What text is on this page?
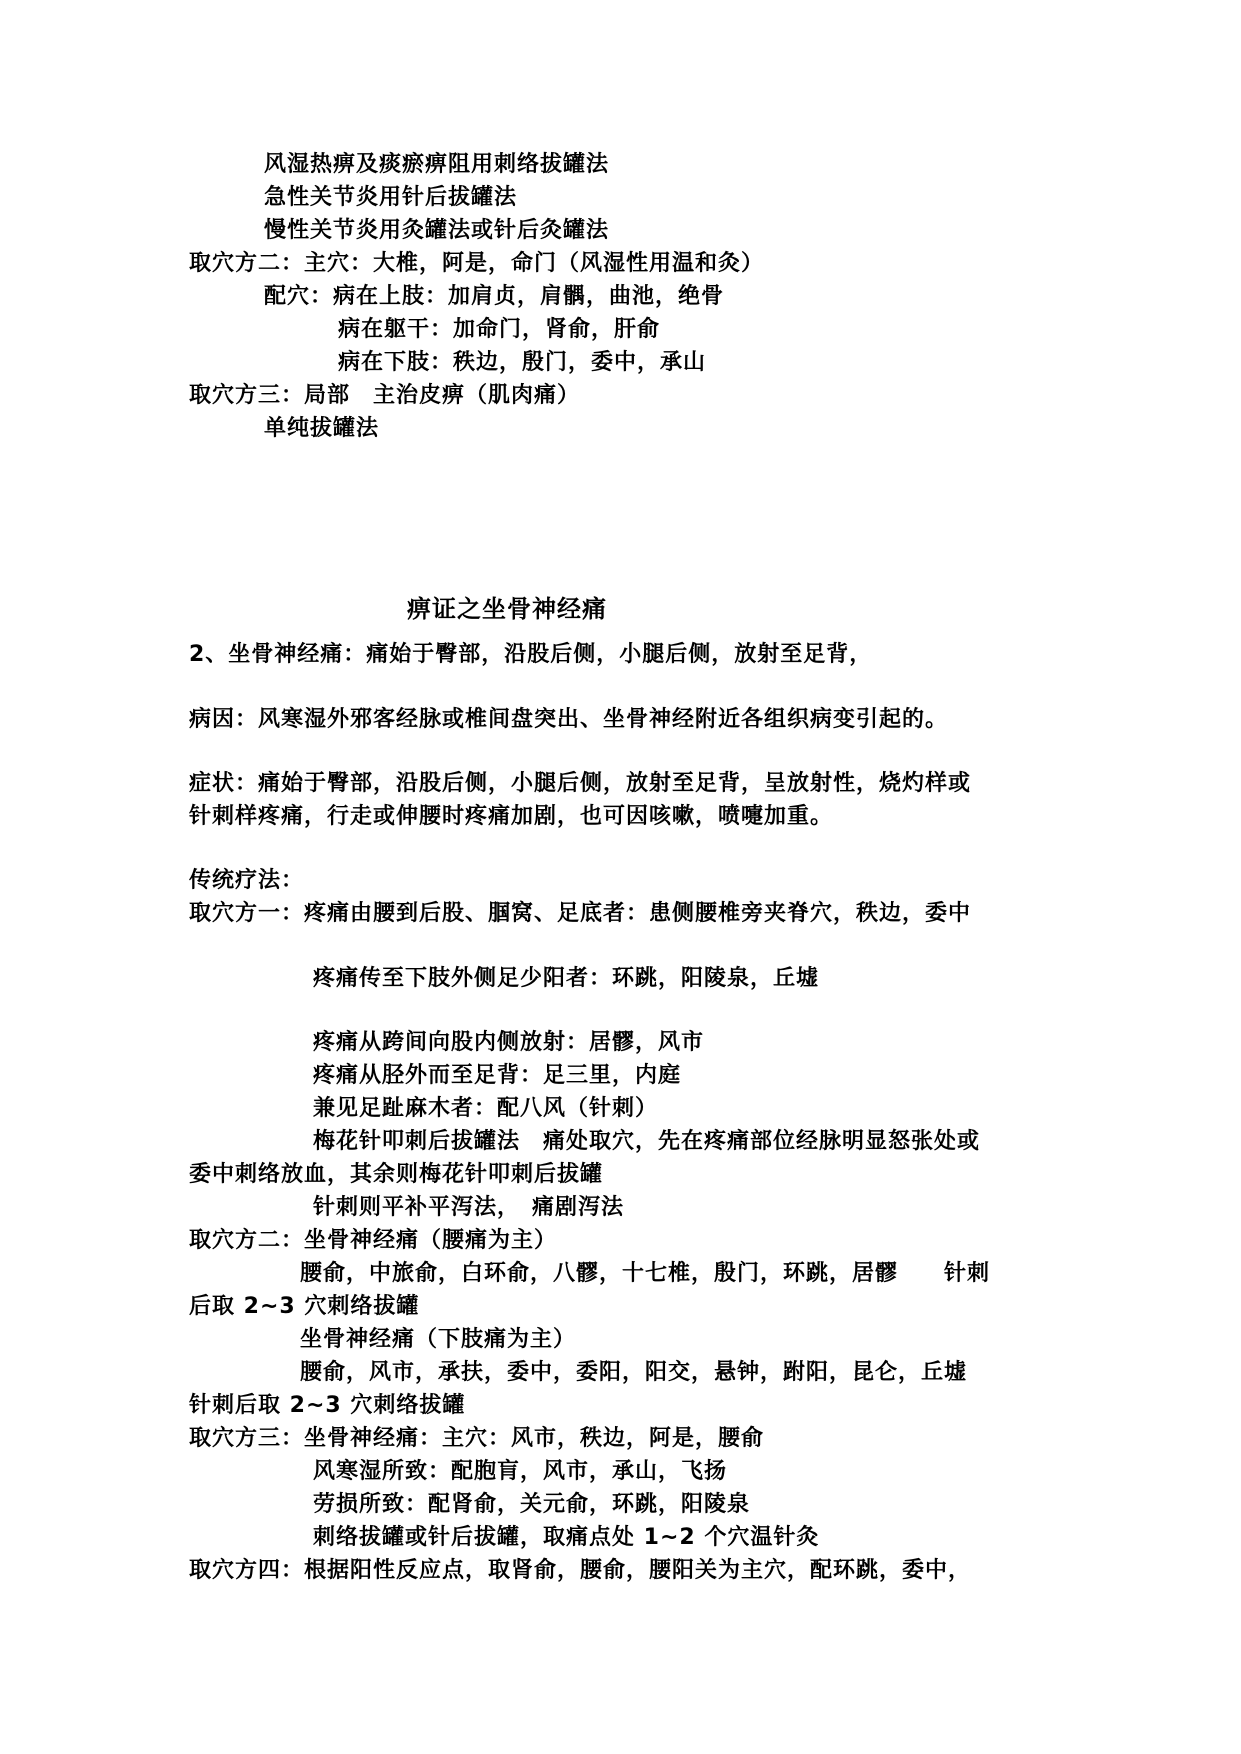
风湿热痹及痰瘀痹阻用刺络拔罐法
急性关节炎用针后拔罐法
慢性关节炎用灸罐法或针后灸罐法
取穴方二：主穴：大椎，阿是，命门（风湿性用温和灸）
配穴：病在上肢：加肩贞，肩髃，曲池，绝骨
病在躯干：加命门，肾俞，肝俞
病在下肢：秩边，殷门，委中，承山
取穴方三：局部　主治皮痹（肌肉痛）
单纯拔罐法
痹证之坐骨神经痛
2、坐骨神经痛：痛始于臀部，沿股后侧，小腿后侧，放射至足背，
病因：风寒湿外邪客经脉或椎间盘突出、坐骨神经附近各组织病变引起的。
症状：痛始于臀部，沿股后侧，小腿后侧，放射至足背，呈放射性，烧灼样或
针刺样疼痛，行走或伸腰时疼痛加剧，也可因咳嗽，喷嚏加重。
传统疗法：
取穴方一：疼痛由腰到后股、腘窝、足底者：患侧腰椎旁夹脊穴，秩边，委中
疼痛传至下肢外侧足少阳者：环跳，阳陵泉，丘墟
疼痛从跨间向股内侧放射：居髎，风市
疼痛从胫外而至足背：足三里，内庭
兼见足趾麻木者：配八风（针刺）
梅花针叩刺后拔罐法　痛处取穴，先在疼痛部位经脉明显怒张处或
委中刺络放血，其余则梅花针叩刺后拔罐
针刺则平补平泻法，　痛剧泻法
取穴方二：坐骨神经痛（腰痛为主）
腰俞，中旅俞，白环俞，八髎，十七椎，殷门，环跳，居髎　　针刺
后取 2~3 穴刺络拔罐
坐骨神经痛（下肢痛为主）
腰俞，风市，承扶，委中，委阳，阳交，悬钟，跗阳，昆仑，丘墟
针刺后取 2~3 穴刺络拔罐
取穴方三：坐骨神经痛：主穴：风市，秩边，阿是，腰俞
风寒湿所致：配胞肓，风市，承山，飞扬
劳损所致：配肾俞，关元俞，环跳，阳陵泉
刺络拔罐或针后拔罐，取痛点处 1~2 个穴温针灸
取穴方四：根据阳性反应点，取肾俞，腰俞，腰阳关为主穴，配环跳，委中，
